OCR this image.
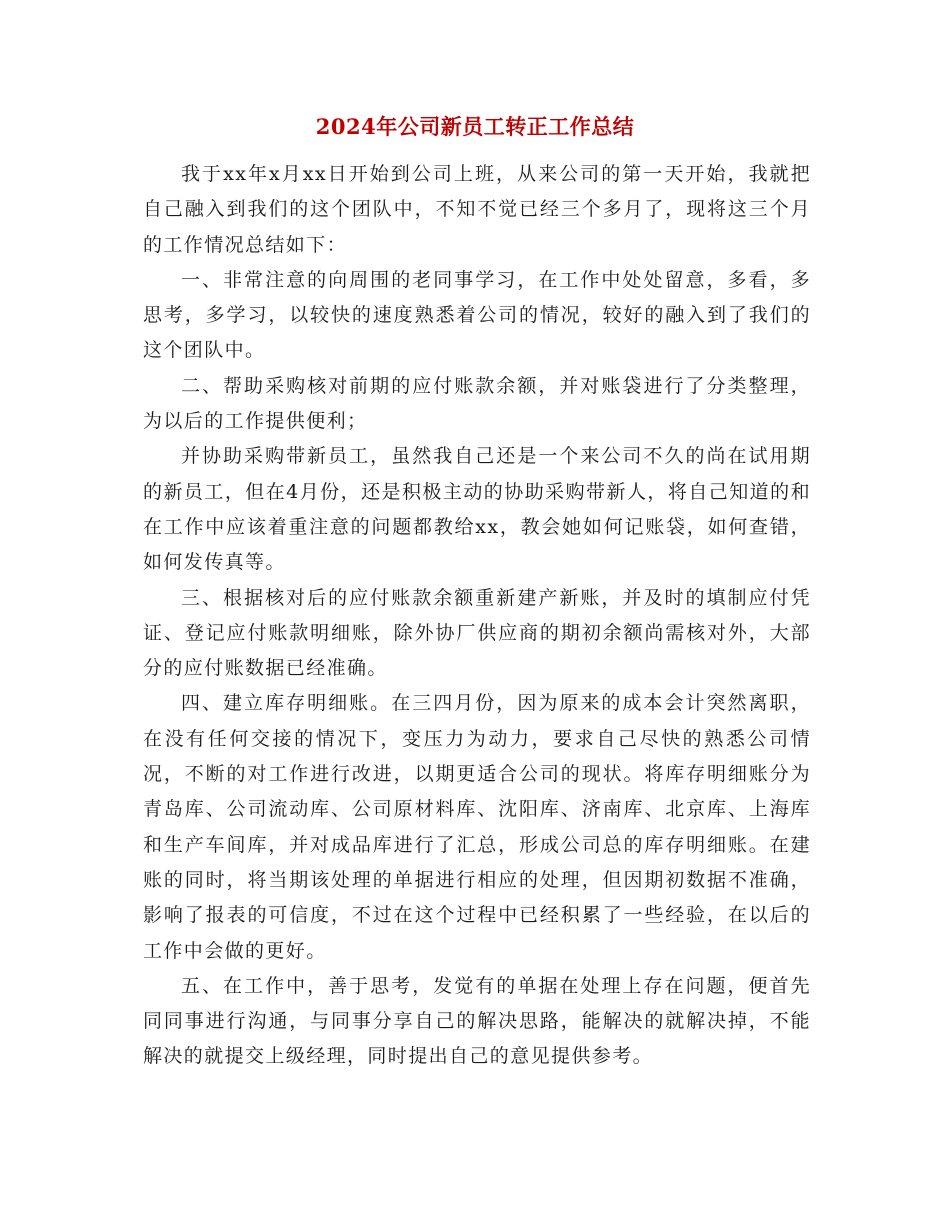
2024年公司新员工转正工作总结

我于xx年x月xx日开始到公司上班，从来公司的第一天开始，我就把自己融入到我们的这个团队中，不知不觉已经三个多月了，现将这三个月的工作情况总结如下：

一、非常注意的向周围的老同事学习，在工作中处处留意，多看，多思考，多学习，以较快的速度熟悉着公司的情况，较好的融入到了我们的这个团队中。

二、帮助采购核对前期的应付账款余额，并对账袋进行了分类整理，为以后的工作提供便利；

并协助采购带新员工，虽然我自己还是一个来公司不久的尚在试用期的新员工，但在4月份，还是积极主动的协助采购带新人，将自己知道的和在工作中应该着重注意的问题都教给xx，教会她如何记账袋，如何查错，如何发传真等。

三、根据核对后的应付账款余额重新建产新账，并及时的填制应付凭证、登记应付账款明细账，除外协厂供应商的期初余额尚需核对外，大部分的应付账数据已经准确。

四、建立库存明细账。在三四月份，因为原来的成本会计突然离职，在没有任何交接的情况下，变压力为动力，要求自己尽快的熟悉公司情况，不断的对工作进行改进，以期更适合公司的现状。将库存明细账分为青岛库、公司流动库、公司原材料库、沈阳库、济南库、北京库、上海库和生产车间库，并对成品库进行了汇总，形成公司总的库存明细账。在建账的同时，将当期该处理的单据进行相应的处理，但因期初数据不准确，影响了报表的可信度，不过在这个过程中已经积累了一些经验，在以后的工作中会做的更好。

五、在工作中，善于思考，发觉有的单据在处理上存在问题，便首先同同事进行沟通，与同事分享自己的解决思路，能解决的就解决掉，不能解决的就提交上级经理，同时提出自己的意见提供参考。
